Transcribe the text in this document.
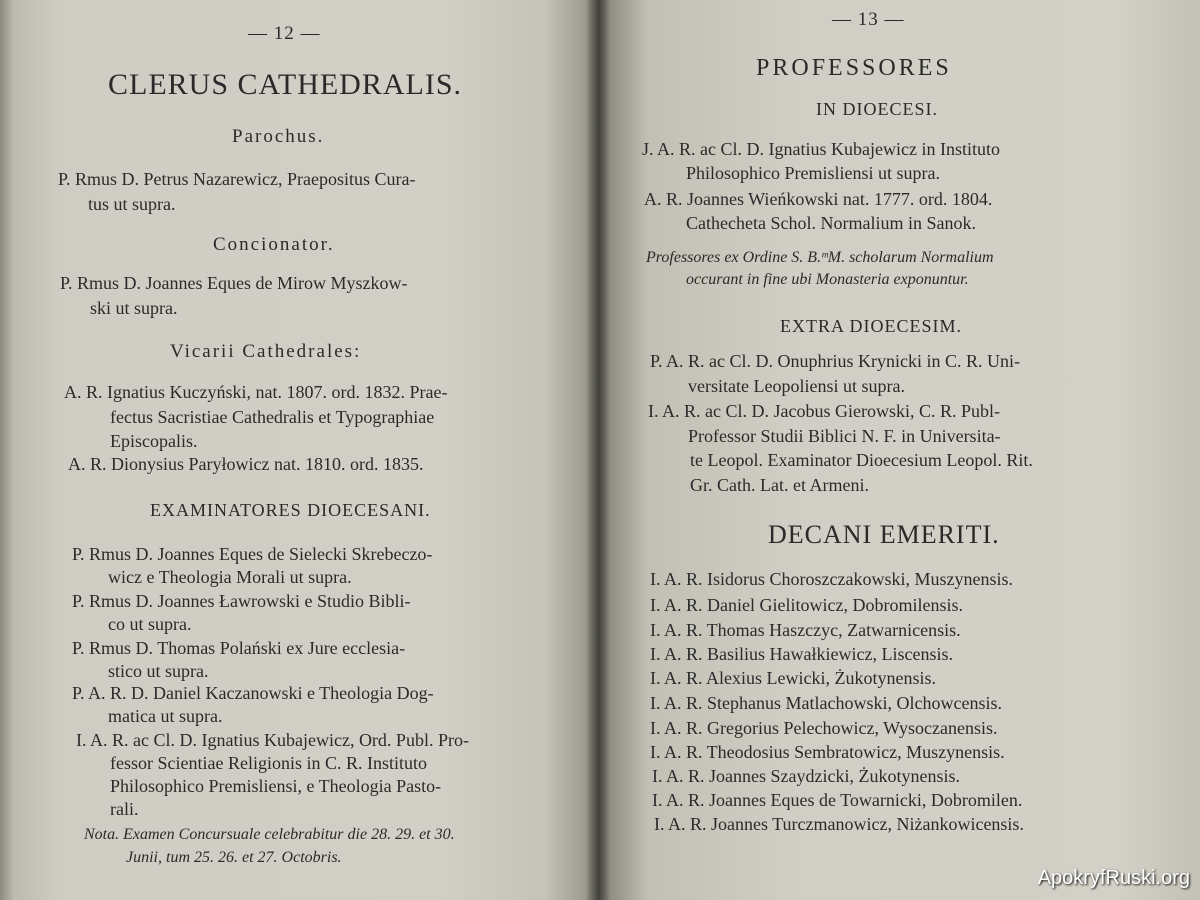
— 12 —
CLERUS CATHEDRALIS.
Parochus.
P. Rmus D. Petrus Nazarewicz, Praepositus Cura-
tus ut supra.
Concionator.
P. Rmus D. Joannes Eques de Mirow Myszkow-
ski ut supra.
Vicarii Cathedrales:
A. R. Ignatius Kuczyński, nat. 1807. ord. 1832. Prae-
fectus Sacristiae Cathedralis et Typographiae
Episcopalis.
A. R. Dionysius Paryłowicz nat. 1810. ord. 1835.
EXAMINATORES DIOECESANI.
P. Rmus D. Joannes Eques de Sielecki Skrebeczo-
wicz e Theologia Morali ut supra.
P. Rmus D. Joannes Ławrowski e Studio Bibli-
co ut supra.
P. Rmus D. Thomas Polański ex Jure ecclesia-
stico ut supra.
P. A. R. D. Daniel Kaczanowski e Theologia Dog-
matica ut supra.
I. A. R. ac Cl. D. Ignatius Kubajewicz, Ord. Publ. Pro-
fessor Scientiae Religionis in C. R. Instituto
Philosophico Premisliensi, e Theologia Pasto-
rali.
Nota. Examen Concursuale celebrabitur die 28. 29. et 30.
Junii, tum 25. 26. et 27. Octobris.
— 13 —
PROFESSORES
IN DIOECESI.
J. A. R. ac Cl. D. Ignatius Kubajewicz in Instituto
Philosophico Premisliensi ut supra.
A. R. Joannes Wieńkowski nat. 1777. ord. 1804.
Cathecheta Schol. Normalium in Sanok.
Professores ex Ordine S. B.ᵐM. scholarum Normalium
occurant in fine ubi Monasteria exponuntur.
EXTRA DIOECESIM.
P. A. R. ac Cl. D. Onuphrius Krynicki in C. R. Uni-
versitate Leopoliensi ut supra.
I. A. R. ac Cl. D. Jacobus Gierowski, C. R. Publ-
Professor Studii Biblici N. F. in Universita-
te Leopol. Examinator Dioecesium Leopol. Rit.
Gr. Cath. Lat. et Armeni.
DECANI EMERITI.
I. A. R. Isidorus Choroszczakowski, Muszynensis.
I. A. R. Daniel Gielitowicz, Dobromilensis.
I. A. R. Thomas Haszczyc, Zatwarnicensis.
I. A. R. Basilius Hawałkiewicz, Liscensis.
I. A. R. Alexius Lewicki, Żukotynensis.
I. A. R. Stephanus Matlachowski, Olchowcensis.
I. A. R. Gregorius Pelechowicz, Wysoczanensis.
I. A. R. Theodosius Sembratowicz, Muszynensis.
I. A. R. Joannes Szaydzicki, Żukotynensis.
I. A. R. Joannes Eques de Towarnicki, Dobromilen.
I. A. R. Joannes Turczmanowicz, Niżankowicensis.
ApokryfRuski.org
